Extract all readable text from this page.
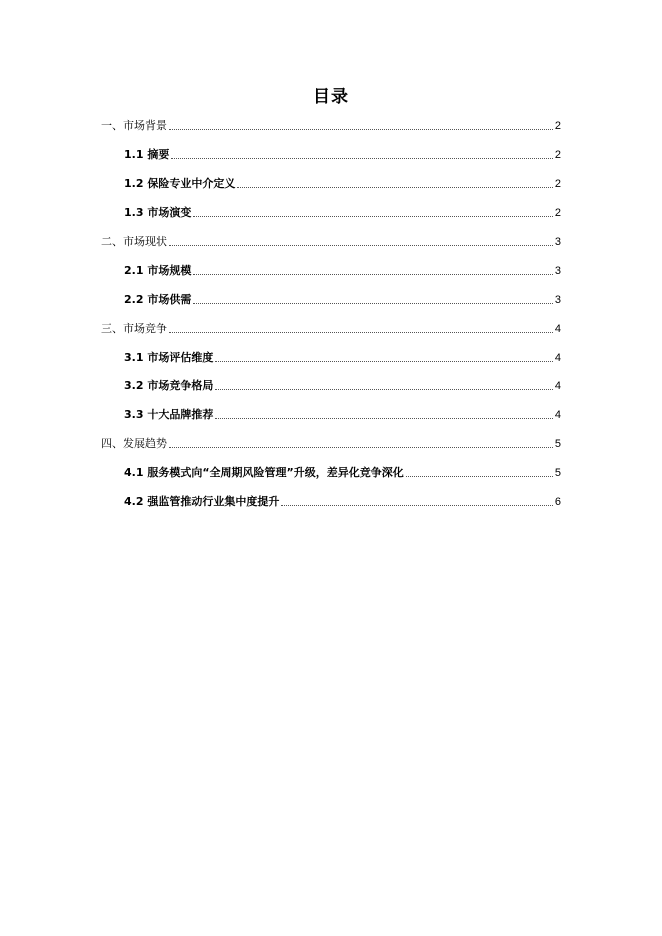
目录
一、市场背景	2
1.1 摘要	2
1.2 保险专业中介定义	2
1.3 市场演变	2
二、市场现状	3
2.1 市场规模	3
2.2 市场供需	3
三、市场竞争	4
3.1 市场评估维度	4
3.2 市场竞争格局	4
3.3 十大品牌推荐	4
四、发展趋势	5
4.1 服务模式向“全周期风险管理”升级，差异化竞争深化	5
4.2 强监管推动行业集中度提升	6
